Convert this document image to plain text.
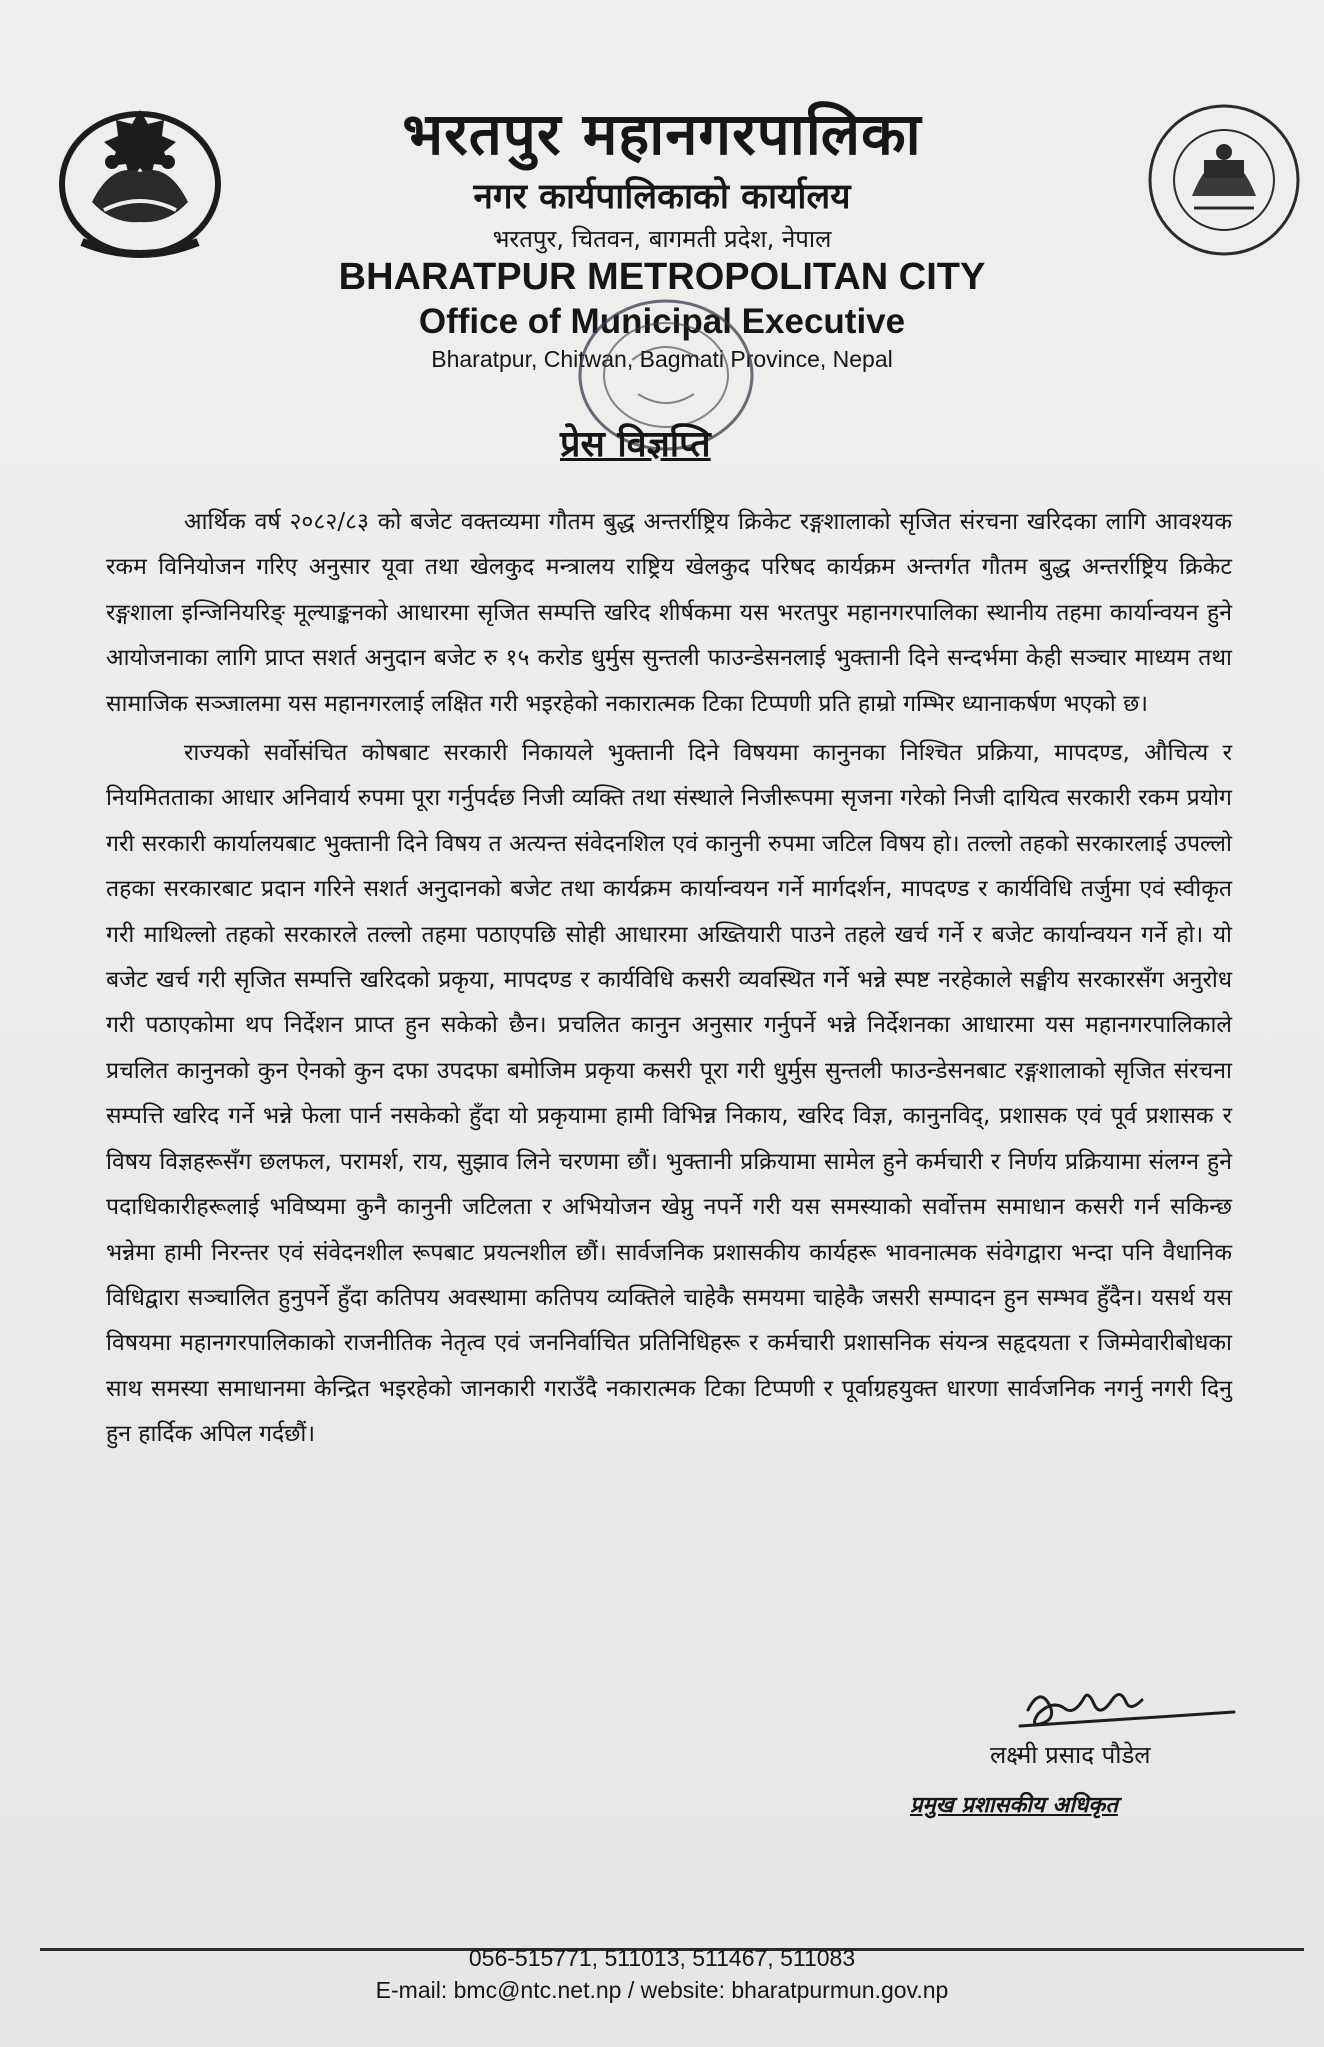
भरतपुर महानगरपालिका
नगर कार्यपालिकाको कार्यालय
भरतपुर, चितवन, बागमती प्रदेश, नेपाल
BHARATPUR METROPOLITAN CITY
Office of Municipal Executive
Bharatpur, Chitwan, Bagmati Province, Nepal
प्रेस विज्ञप्ति

आर्थिक वर्ष २०८२/८३ को बजेट वक्तव्यमा गौतम बुद्ध अन्तर्राष्ट्रिय क्रिकेट रङ्गशालाको सृजित संरचना खरिदका लागि आवश्यक रकम विनियोजन गरिए अनुसार यूवा तथा खेलकुद मन्त्रालय राष्ट्रिय खेलकुद परिषद कार्यक्रम अन्तर्गत गौतम बुद्ध अन्तर्राष्ट्रिय क्रिकेट रङ्गशाला इन्जिनियरिङ् मूल्याङ्कनको आधारमा सृजित सम्पत्ति खरिद शीर्षकमा यस भरतपुर महानगरपालिका स्थानीय तहमा कार्यान्वयन हुने आयोजनाका लागि प्राप्त सशर्त अनुदान बजेट रु १५ करोड धुर्मुस सुन्तली फाउन्डेसनलाई भुक्तानी दिने सन्दर्भमा केही सञ्चार माध्यम तथा सामाजिक सञ्जालमा यस महानगरलाई लक्षित गरी भइरहेको नकारात्मक टिका टिप्पणी प्रति हाम्रो गम्भिर ध्यानाकर्षण भएको छ।

राज्यको सर्वोसंचित कोषबाट सरकारी निकायले भुक्तानी दिने विषयमा कानुनका निश्चित प्रक्रिया, मापदण्ड, औचित्य र नियमितताका आधार अनिवार्य रुपमा पूरा गर्नुपर्दछ निजी व्यक्ति तथा संस्थाले निजीरूपमा सृजना गरेको निजी दायित्व सरकारी रकम प्रयोग गरी सरकारी कार्यालयबाट भुक्तानी दिने विषय त अत्यन्त संवेदनशिल एवं कानुनी रुपमा जटिल विषय हो। तल्लो तहको सरकारलाई उपल्लो तहका सरकारबाट प्रदान गरिने सशर्त अनुदानको बजेट तथा कार्यक्रम कार्यान्वयन गर्ने मार्गदर्शन, मापदण्ड र कार्यविधि तर्जुमा एवं स्वीकृत गरी माथिल्लो तहको सरकारले तल्लो तहमा पठाएपछि सोही आधारमा अख्तियारी पाउने तहले खर्च गर्ने र बजेट कार्यान्वयन गर्ने हो। यो बजेट खर्च गरी सृजित सम्पत्ति खरिदको प्रकृया, मापदण्ड र कार्यविधि कसरी व्यवस्थित गर्ने भन्ने स्पष्ट नरहेकाले सङ्घीय सरकारसँग अनुरोध गरी पठाएकोमा थप निर्देशन प्राप्त हुन सकेको छैन। प्रचलित कानुन अनुसार गर्नुपर्ने भन्ने निर्देशनका आधारमा यस महानगरपालिकाले प्रचलित कानुनको कुन ऐनको कुन दफा उपदफा बमोजिम प्रकृया कसरी पूरा गरी धुर्मुस सुन्तली फाउन्डेसनबाट रङ्गशालाको सृजित संरचना सम्पत्ति खरिद गर्ने भन्ने फेला पार्न नसकेको हुँदा यो प्रकृयामा हामी विभिन्न निकाय, खरिद विज्ञ, कानुनविद्, प्रशासक एवं पूर्व प्रशासक र विषय विज्ञहरूसँग छलफल, परामर्श, राय, सुझाव लिने चरणमा छौं। भुक्तानी प्रक्रियामा सामेल हुने कर्मचारी र निर्णय प्रक्रियामा संलग्न हुने पदाधिकारीहरूलाई भविष्यमा कुनै कानुनी जटिलता र अभियोजन खेप्नु नपर्ने गरी यस समस्याको सर्वोत्तम समाधान कसरी गर्न सकिन्छ भन्नेमा हामी निरन्तर एवं संवेदनशील रूपबाट प्रयत्नशील छौं। सार्वजनिक प्रशासकीय कार्यहरू भावनात्मक संवेगद्वारा भन्दा पनि वैधानिक विधिद्वारा सञ्चालित हुनुपर्ने हुँदा कतिपय अवस्थामा कतिपय व्यक्तिले चाहेकै समयमा चाहेकै जसरी सम्पादन हुन सम्भव हुँदैन। यसर्थ यस विषयमा महानगरपालिकाको राजनीतिक नेतृत्व एवं जननिर्वाचित प्रतिनिधिहरू र कर्मचारी प्रशासनिक संयन्त्र सहृदयता र जिम्मेवारीबोधका साथ समस्या समाधानमा केन्द्रित भइरहेको जानकारी गराउँदै नकारात्मक टिका टिप्पणी र पूर्वाग्रहयुक्त धारणा सार्वजनिक नगर्नु नगरी दिनु हुन हार्दिक अपिल गर्दछौं।

लक्ष्मी प्रसाद पौडेल
प्रमुख प्रशासकीय अधिकृत
056-515771, 511013, 511467, 511083
E-mail: bmc@ntc.net.np / website: bharatpurmun.gov.np
